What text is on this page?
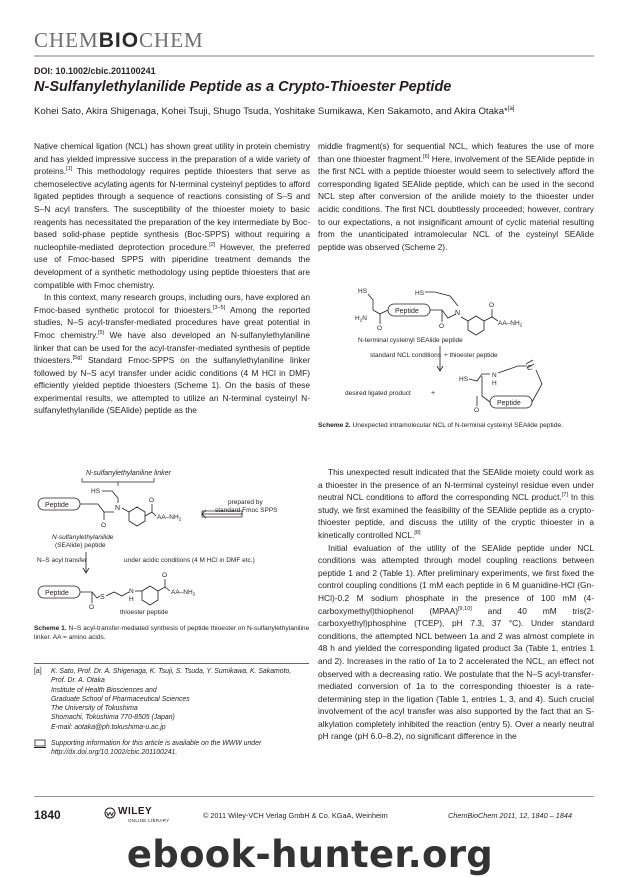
CHEMBIOCHEM
DOI: 10.1002/cbic.201100241
N-Sulfanylethylanilide Peptide as a Crypto-Thioester Peptide
Kohei Sato, Akira Shigenaga, Kohei Tsuji, Shugo Tsuda, Yoshitake Sumikawa, Ken Sakamoto, and Akira Otaka*[a]

Native chemical ligation (NCL) has shown great utility in protein chemistry and has yielded impressive success in the preparation of a wide variety of proteins.[1] This methodology requires peptide thioesters that serve as chemoselective acylating agents for N-terminal cysteinyl peptides to afford ligated peptides through a sequence of reactions consisting of S–S and S–N acyl transfers. The susceptibility of the thioester moiety to basic reagents has necessitated the preparation of the key intermediate by Boc-based solid-phase peptide synthesis (Boc-SPPS) without requiring a nucleophile-mediated deprotection procedure.[2] However, the preferred use of Fmoc-based SPPS with piperidine treatment demands the development of a synthetic methodology using peptide thioesters that are compatible with Fmoc chemistry.

In this context, many research groups, including ours, have explored an Fmoc-based synthetic protocol for thioesters.[3–5] Among the reported studies, N–S acyl-transfer-mediated procedures have great potential in Fmoc chemistry.[5] We have also developed an N-sulfanylethylaniline linker that can be used for the acyl-transfer-mediated synthesis of peptide thioesters.[5g] Standard Fmoc-SPPS on the sulfanylethylaniline linker followed by N–S acyl transfer under acidic conditions (4 M HCl in DMF) efficiently yielded peptide thioesters (Scheme 1). On the basis of these experimental results, we attempted to utilize an N-terminal cysteinyl N-sulfanylethylanilide (SEAlide) peptide as the

N-sulfanylethylaniline linker
HS
Peptide	N
O
O
$AA-NH_2$
prepared by
standard Fmoc SPPS
N-sulfanylethylanilide
(SEAlide) peptide
N–S acyl transfer	under acidic conditions (4 M HCl in DMF etc.)
Peptide
O
S
N
H
O
$AA-NH_2$
thioester peptide
Scheme 1. N–S acyl-transfer-mediated synthesis of peptide thioester on N-sulfanylethylaniline linker. AA = amino acids.
[a] K. Sato, Prof. Dr. A. Shigenaga, K. Tsuji, S. Tsuda, Y. Sumikawa, K. Sakamoto,
Prof. Dr. A. Otaka
Institute of Health Biosciences and
Graduate School of Pharmaceutical Sciences
The University of Tokushima
Shomachi, Tokushima 770-8505 (Japan)
E-mail: aotaka@ph.tokushima-u.ac.jp
Supporting information for this article is available on the WWW under
http://dx.doi.org/10.1002/cbic.201100241.

middle fragment(s) for sequential NCL, which features the use of more than one thioester fragment.[6] Here, involvement of the SEAlide peptide in the first NCL with a peptide thioester would seem to selectively afford the corresponding ligated SEAlide peptide, which can be used in the second NCL step after conversion of the anilide moiety to the thioester under acidic conditions. The first NCL doubtlessly proceeded; however, contrary to our expectations, a not insignificant amount of cyclic material resulting from the unanticipated intramolecular NCL of the cysteinyl SEAlide peptide was observed (Scheme 2).

HS
$H_2N$
O
Peptide
O
N
HS
O
$AA-NH_2$
N-terminal cysteinyl SEAlide peptide
standard NCL conditions + thioester peptide
desired ligated product	+
HS
N
H
C
O
Peptide
Scheme 2. Unexpected intramolecular NCL of N-terminal cysteinyl SEAlide peptide.

This unexpected result indicated that the SEAlide moiety could work as a thioester in the presence of an N-terminal cysteinyl residue even under neutral NCL conditions to afford the corresponding NCL product.[7] In this study, we first examined the feasibility of the SEAlide peptide as a crypto-thioester peptide, and discuss the utility of the cryptic thioester in a kinetically controlled NCL.[8]

Initial evaluation of the utility of the SEAlide peptide under NCL conditions was attempted through model coupling reactions between peptide 1 and 2 (Table 1). After preliminary experiments, we first fixed the control coupling conditions (1 mM each peptide in 6 M guanidine-HCl (Gn-HCl)-0.2 M sodium phosphate in the presence of 100 mM (4-carboxymethyl)thiophenol (MPAA)[9,10] and 40 mM tris(2-carboxyethyl)phosphine (TCEP), pH 7.3, 37 °C). Under standard conditions, the attempted NCL between 1a and 2 was almost complete in 48 h and yielded the corresponding ligated product 3a (Table 1, entries 1 and 2). Increases in the ratio of 1a to 2 accelerated the NCL, an effect not observed with a decreasing ratio. We postulate that the N–S acyl-transfer-mediated conversion of 1a to the corresponding thioester is a rate-determining step in the ligation (Table 1, entries 1, 3, and 4). Such crucial involvement of the acyl transfer was also supported by the fact that an S-alkylation completely inhibited the reaction (entry 5). Over a nearly neutral pH range (pH 6.0–8.2), no significant difference in the

1840	WILEY
ONLINE LIBRARY
© 2011 Wiley-VCH Verlag GmbH & Co. KGaA, Weinheim	ChemBioChem 2011, 12, 1840 – 1844
ebook-hunter.org
